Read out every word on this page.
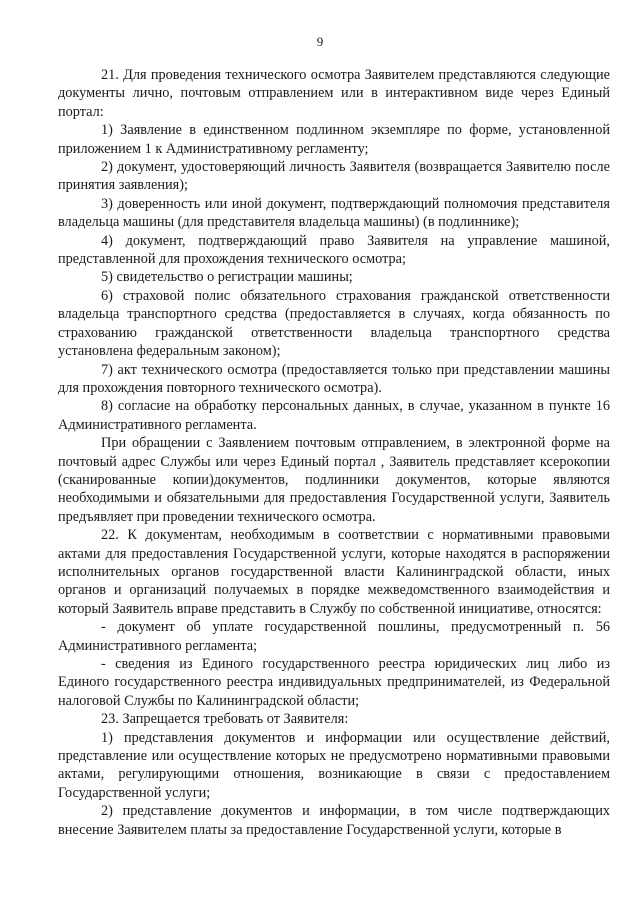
9

21. Для проведения технического осмотра Заявителем представляются следующие документы лично, почтовым отправлением или в интерактивном виде через Единый портал:

1) Заявление в единственном подлинном экземпляре по форме, установленной приложением 1 к Административному регламенту;

2) документ, удостоверяющий личность Заявителя (возвращается Заявителю после принятия заявления);

3) доверенность или иной документ, подтверждающий полномочия представителя владельца машины (для представителя владельца машины) (в подлиннике);

4) документ, подтверждающий право Заявителя на управление машиной, представленной для прохождения технического осмотра;

5) свидетельство о регистрации машины;

6) страховой полис обязательного страхования гражданской ответственности владельца транспортного средства (предоставляется в случаях, когда обязанность по страхованию гражданской ответственности владельца транспортного средства установлена федеральным законом);

7) акт технического осмотра (предоставляется только при представлении машины для прохождения повторного технического осмотра).

8) согласие на обработку персональных данных, в случае, указанном в пункте 16 Административного регламента.

При обращении с Заявлением почтовым отправлением, в электронной форме на почтовый адрес Службы или через Единый портал , Заявитель представляет ксерокопии (сканированные копии)документов, подлинники документов, которые являются необходимыми и обязательными для предоставления Государственной услуги, Заявитель предъявляет при проведении технического осмотра.

22. К документам, необходимым в соответствии с нормативными правовыми актами для предоставления Государственной услуги, которые находятся в распоряжении исполнительных органов государственной власти Калининградской области, иных органов и организаций получаемых в порядке межведомственного взаимодействия и который Заявитель вправе представить в Службу по собственной инициативе, относятся:

- документ об уплате государственной пошлины, предусмотренный п. 56 Административного регламента;

- сведения из Единого государственного реестра юридических лиц либо из Единого государственного реестра индивидуальных предпринимателей, из Федеральной налоговой Службы по Калининградской области;

23. Запрещается требовать от Заявителя:

1) представления документов и информации или осуществление действий, представление или осуществление которых не предусмотрено нормативными правовыми актами, регулирующими отношения, возникающие в связи с предоставлением Государственной услуги;

2) представление документов и информации, в том числе подтверждающих внесение Заявителем платы за предоставление Государственной услуги, которые в
